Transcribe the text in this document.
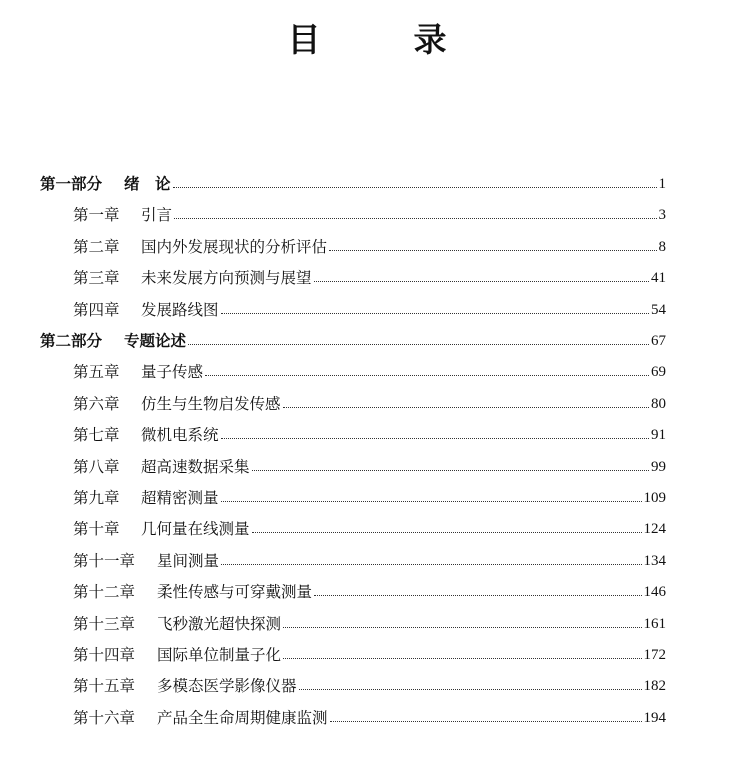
目　录
第一部分	绪　论	1
第一章	引言	3
第二章	国内外发展现状的分析评估	8
第三章	未来发展方向预测与展望	41
第四章	发展路线图	54
第二部分	专题论述	67
第五章	量子传感	69
第六章	仿生与生物启发传感	80
第七章	微机电系统	91
第八章	超高速数据采集	99
第九章	超精密测量	109
第十章	几何量在线测量	124
第十一章	星间测量	134
第十二章	柔性传感与可穿戴测量	146
第十三章	飞秒激光超快探测	161
第十四章	国际单位制量子化	172
第十五章	多模态医学影像仪器	182
第十六章	产品全生命周期健康监测	194
